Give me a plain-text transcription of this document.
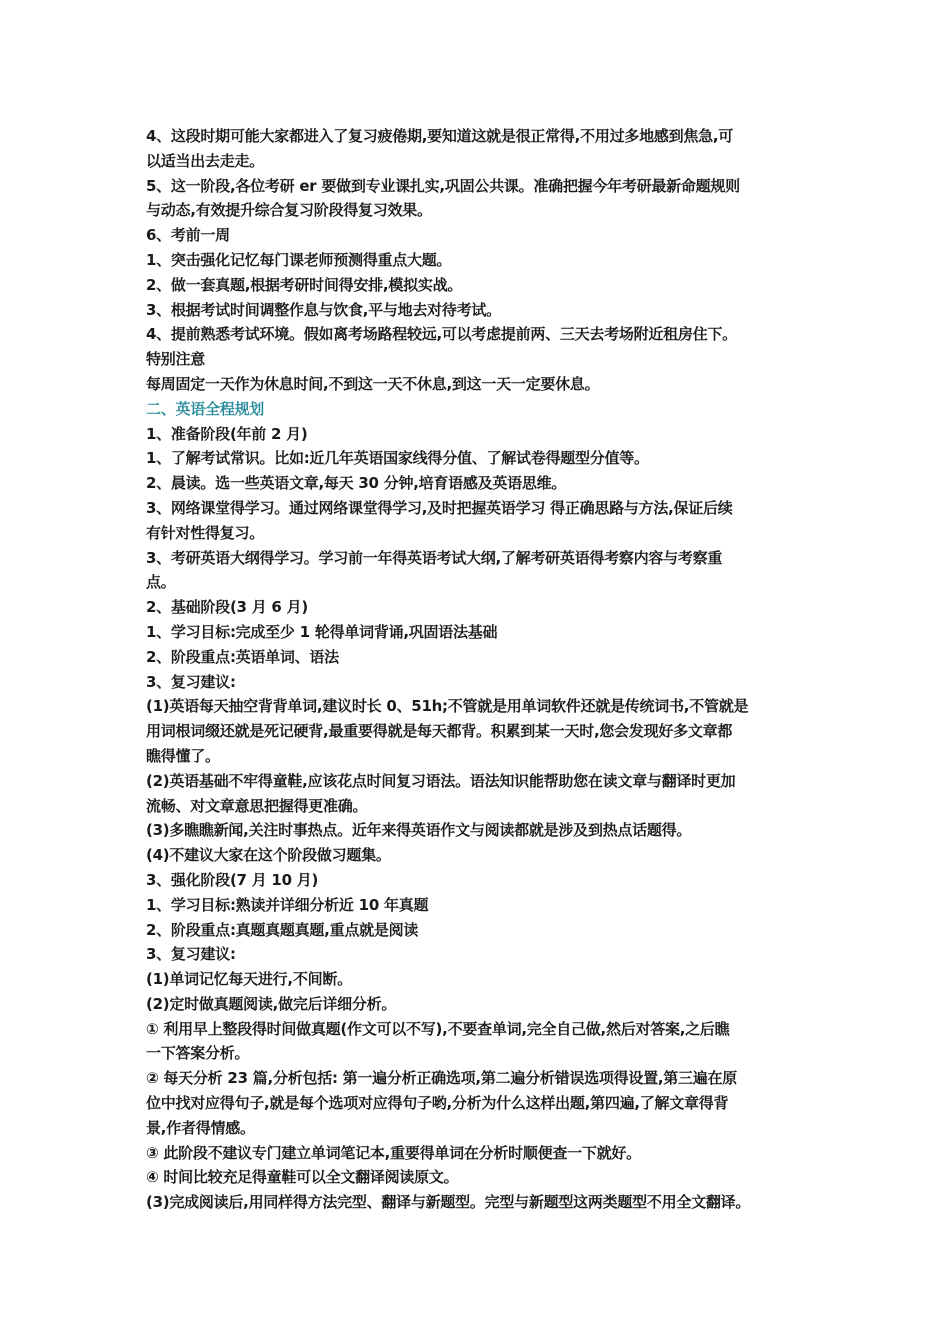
4、这段时期可能大家都进入了复习疲倦期,要知道这就是很正常得,不用过多地感到焦急,可
以适当出去走走。
5、这一阶段,各位考研 er 要做到专业课扎实,巩固公共课。准确把握今年考研最新命题规则
与动态,有效提升综合复习阶段得复习效果。
6、考前一周
1、突击强化记忆每门课老师预测得重点大题。
2、做一套真题,根据考研时间得安排,模拟实战。
3、根据考试时间调整作息与饮食,平与地去对待考试。
4、提前熟悉考试环境。假如离考场路程较远,可以考虑提前两、三天去考场附近租房住下。
特别注意
每周固定一天作为休息时间,不到这一天不休息,到这一天一定要休息。
二、英语全程规划
1、准备阶段(年前 2 月)
1、了解考试常识。比如:近几年英语国家线得分值、了解试卷得题型分值等。
2、晨读。选一些英语文章,每天 30 分钟,培育语感及英语思维。
3、网络课堂得学习。通过网络课堂得学习,及时把握英语学习 得正确思路与方法,保证后续
有针对性得复习。
3、考研英语大纲得学习。学习前一年得英语考试大纲,了解考研英语得考察内容与考察重
点。
2、基础阶段(3 月 6 月)
1、学习目标:完成至少 1 轮得单词背诵,巩固语法基础
2、阶段重点:英语单词、语法
3、复习建议:
(1)英语每天抽空背背单词,建议时长 0、51h;不管就是用单词软件还就是传统词书,不管就是
用词根词缀还就是死记硬背,最重要得就是每天都背。积累到某一天时,您会发现好多文章都
瞧得懂了。
(2)英语基础不牢得童鞋,应该花点时间复习语法。语法知识能帮助您在读文章与翻译时更加
流畅、对文章意思把握得更准确。
(3)多瞧瞧新闻,关注时事热点。近年来得英语作文与阅读都就是涉及到热点话题得。
(4)不建议大家在这个阶段做习题集。
3、强化阶段(7 月 10 月)
1、学习目标:熟读并详细分析近 10 年真题
2、阶段重点:真题真题真题,重点就是阅读
3、复习建议:
(1)单词记忆每天进行,不间断。
(2)定时做真题阅读,做完后详细分析。
① 利用早上整段得时间做真题(作文可以不写),不要查单词,完全自己做,然后对答案,之后瞧
一下答案分析。
② 每天分析 23 篇,分析包括: 第一遍分析正确选项,第二遍分析错误选项得设置,第三遍在原
位中找对应得句子,就是每个选项对应得句子哟,分析为什么这样出题,第四遍,了解文章得背
景,作者得情感。
③ 此阶段不建议专门建立单词笔记本,重要得单词在分析时顺便查一下就好。
④ 时间比较充足得童鞋可以全文翻译阅读原文。
(3)完成阅读后,用同样得方法完型、翻译与新题型。完型与新题型这两类题型不用全文翻译。
